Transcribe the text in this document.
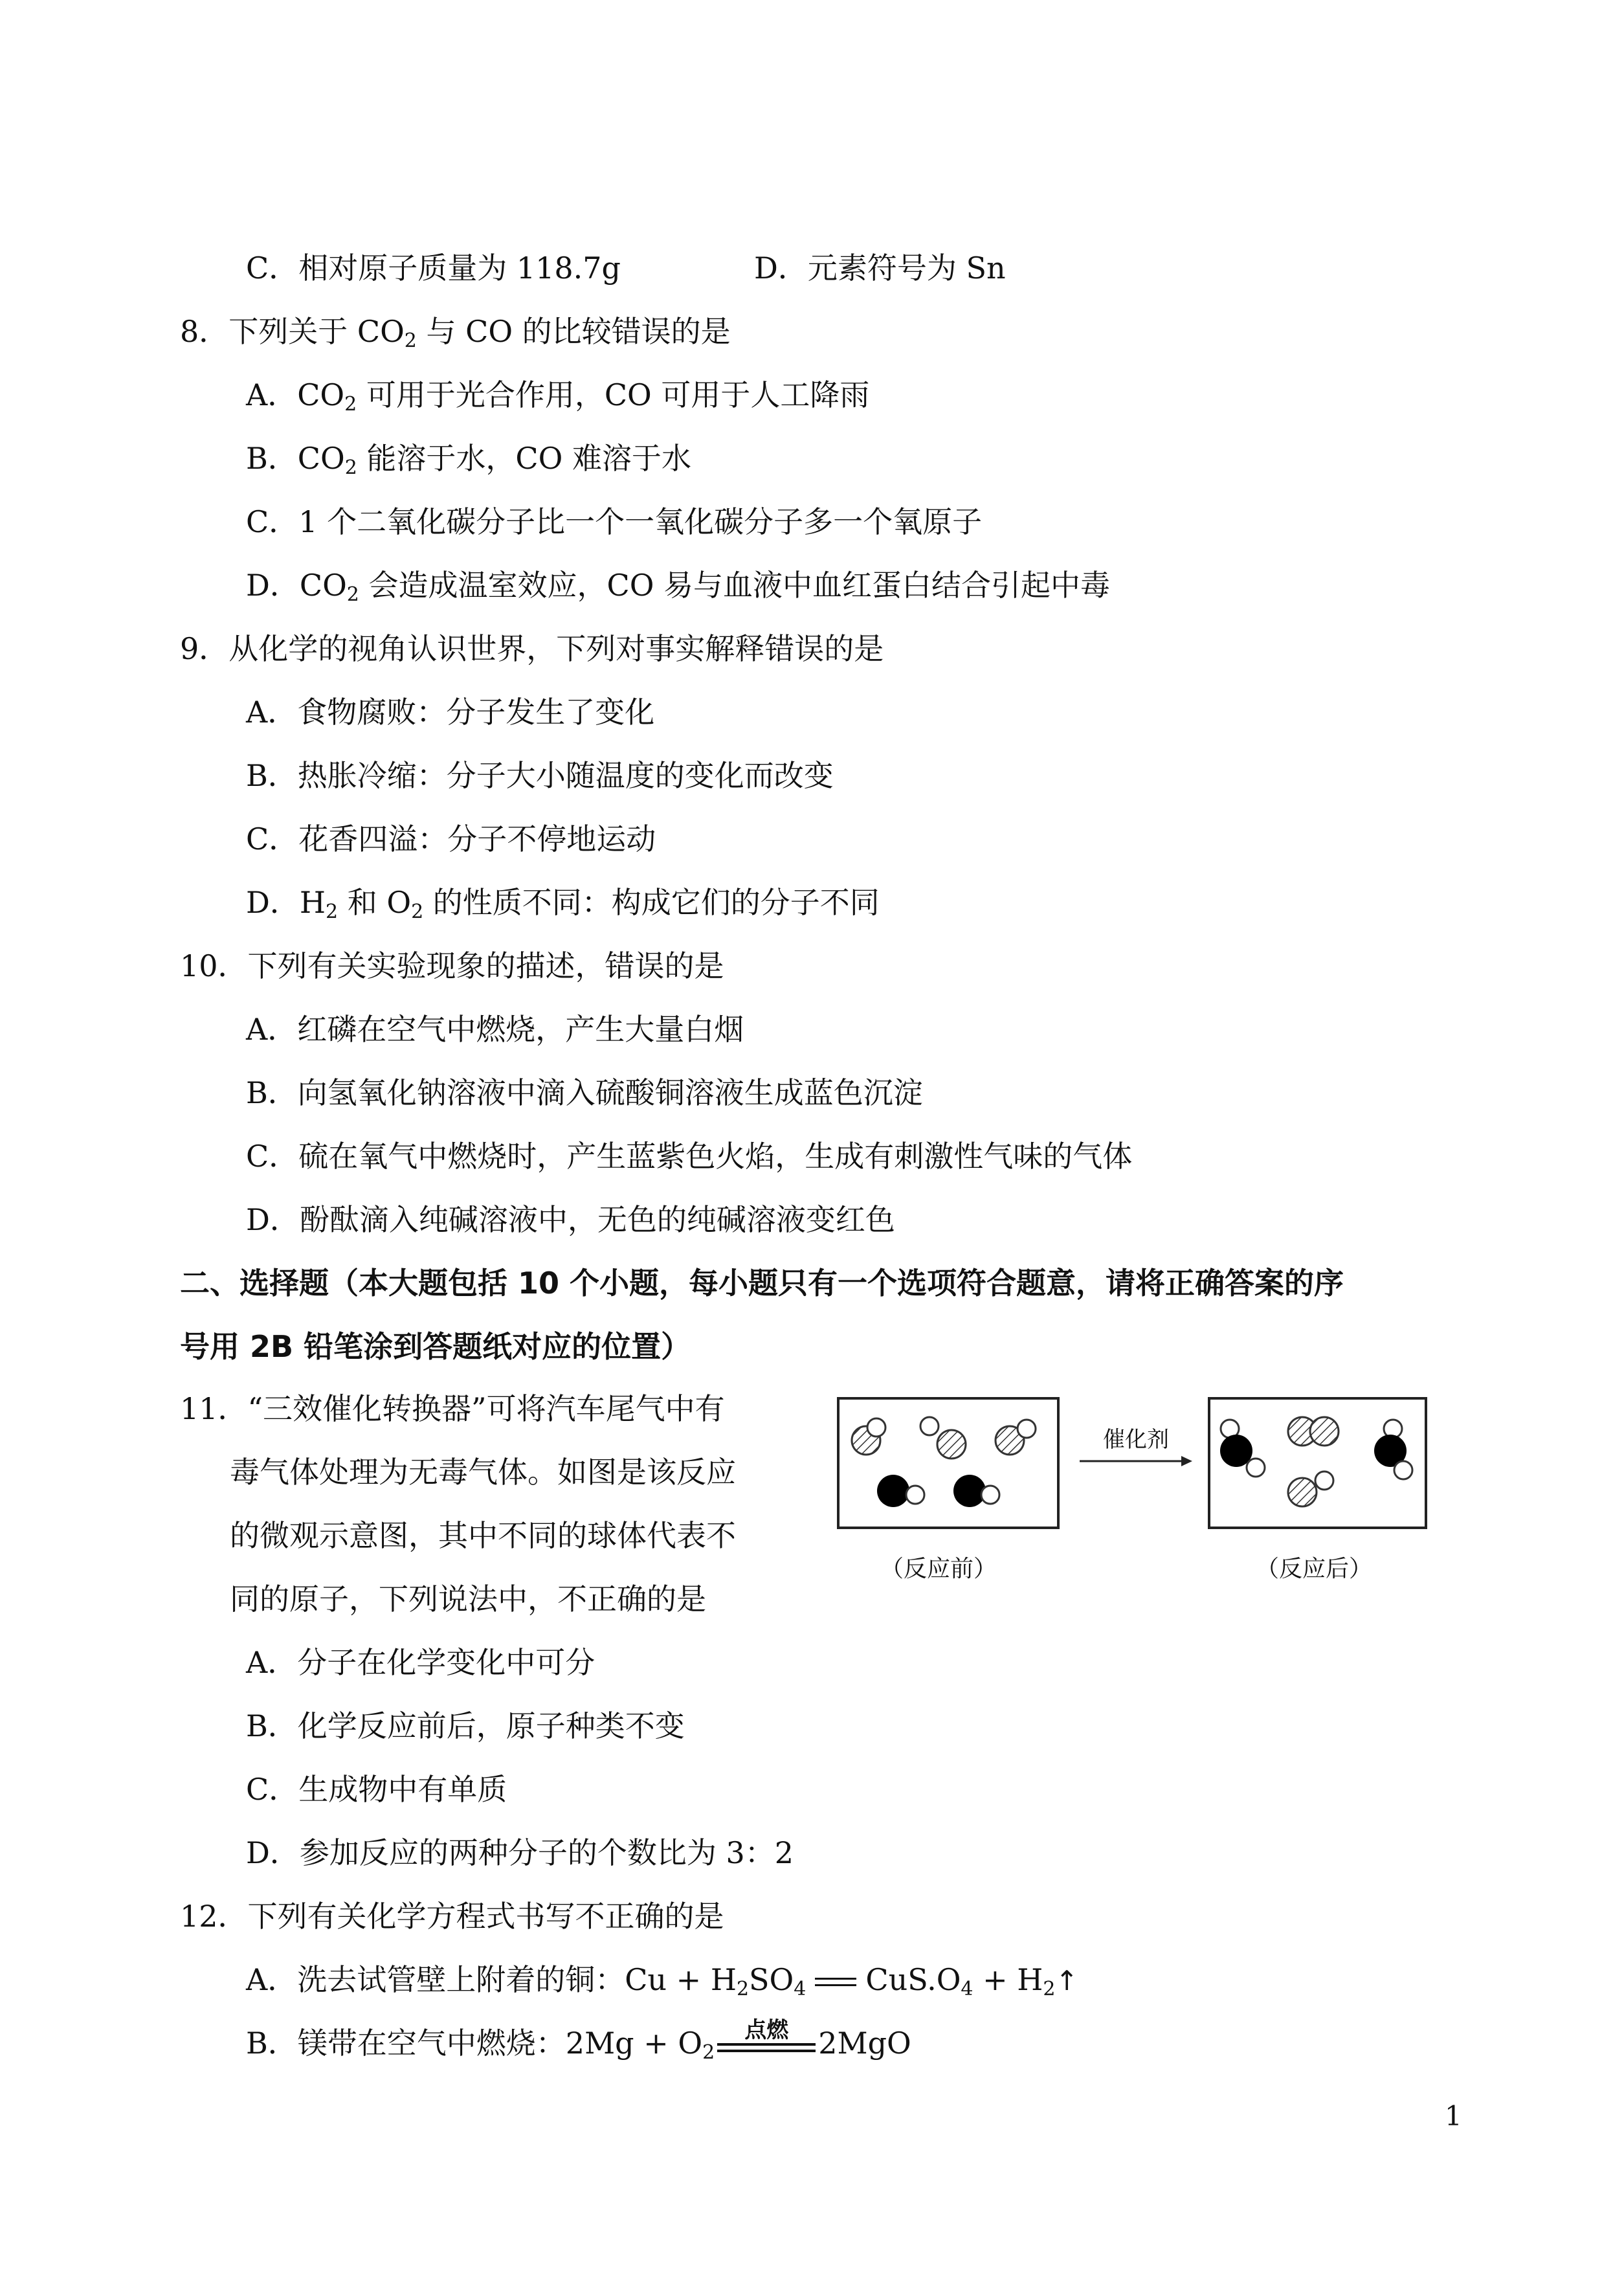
C．相对原子质量为 118.7g	D．元素符号为 Sn
8．下列关于 $CO_2$ 与 CO 的比较错误的是
A．$CO_2$ 可用于光合作用，CO 可用于人工降雨
B．$CO_2$ 能溶于水，CO 难溶于水
C．1 个二氧化碳分子比一个一氧化碳分子多一个氧原子
D．$CO_2$ 会造成温室效应，CO 易与血液中血红蛋白结合引起中毒
9．从化学的视角认识世界，下列对事实解释错误的是
A．食物腐败：分子发生了变化
B．热胀冷缩：分子大小随温度的变化而改变
C．花香四溢：分子不停地运动
D．$H_2$ 和 $O_2$ 的性质不同：构成它们的分子不同
10．下列有关实验现象的描述，错误的是
A．红磷在空气中燃烧，产生大量白烟
B．向氢氧化钠溶液中滴入硫酸铜溶液生成蓝色沉淀
C．硫在氧气中燃烧时，产生蓝紫色火焰，生成有刺激性气味的气体
D．酚酞滴入纯碱溶液中，无色的纯碱溶液变红色
二、选择题（本大题包括 10 个小题，每小题只有一个选项符合题意，请将正确答案的序
号用 2B 铅笔涂到答题纸对应的位置）
11．“三效催化转换器”可将汽车尾气中有
毒气体处理为无毒气体。如图是该反应
的微观示意图，其中不同的球体代表不
同的原子，下列说法中，不正确的是
催化剂
（反应前）	（反应后）
A．分子在化学变化中可分
B．化学反应前后，原子种类不变
C．生成物中有单质
D．参加反应的两种分子的个数比为 3：2
12．下列有关化学方程式书写不正确的是
A．洗去试管壁上附着的铜：$Cu + H_2SO_4$ $CuS.O_4$ + $H_2↑$
B．镁带在空气中燃烧：$2Mg + O_2$
点燃	2MgO
1
